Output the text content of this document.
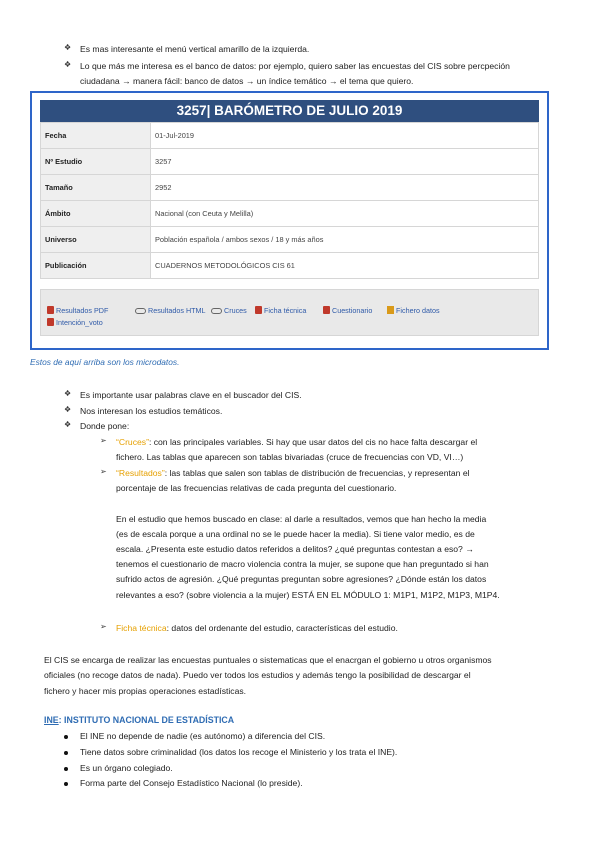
❖ Es mas interesante el menú vertical amarillo de la izquierda.
❖ Lo que más me interesa es el banco de datos: por ejemplo, quiero saber las encuestas del CIS sobre percpeción
ciudadana → manera fácil: banco de datos → un índice temático → el tema que quiero.
3257| BARÓMETRO DE JULIO 2019
Fecha	01-Jul-2019
Nº Estudio	3257
Tamaño	2952
Ámbito	Nacional (con Ceuta y Melilla)
Universo	Población española / ambos sexos / 18 y más años
Publicación	CUADERNOS METODOLÓGICOS CIS 61
Resultados PDF	Resultados HTML	Cruces	Ficha técnica	Cuestionario	Fichero datos
Intención_voto
Estos de aquí arriba son los microdatos.
❖ Es importante usar palabras clave en el buscador del CIS.
❖ Nos interesan los estudios temáticos.
❖ Donde pone:
➢ “Cruces”: con las principales variables. Si hay que usar datos del cis no hace falta descargar el
fichero. Las tablas que aparecen son tablas bivariadas (cruce de frecuencias con VD, VI…)
➢ “Resultados”: las tablas que salen son tablas de distribución de frecuencias, y representan el
porcentaje de las frecuencias relativas de cada pregunta del cuestionario.
En el estudio que hemos buscado en clase: al darle a resultados, vemos que han hecho la media
(es de escala porque a una ordinal no se le puede hacer la media). Si tiene valor medio, es de
escala. ¿Presenta este estudio datos referidos a delitos? ¿qué preguntas contestan a eso? →
tenemos el cuestionario de macro violencia contra la mujer, se supone que han preguntado si han
sufrido actos de agresión. ¿Qué preguntas preguntan sobre agresiones? ¿Dónde están los datos
relevantes a eso? (sobre violencia a la mujer) ESTÁ EN EL MÓDULO 1: M1P1, M1P2, M1P3, M1P4.
➢ Ficha técnica: datos del ordenante del estudio, características del estudio.
El CIS se encarga de realizar las encuestas puntuales o sistematicas que el enacrgan el gobierno u otros organismos
oficiales (no recoge datos de nada). Puedo ver todos los estudios y además tengo la posibilidad de descargar el
fichero y hacer mis propias operaciones estadísticas.
INE: INSTITUTO NACIONAL DE ESTADÍSTICA
El INE no depende de nadie (es autónomo) a diferencia del CIS.
Tiene datos sobre criminalidad (los datos los recoge el Ministerio y los trata el INE).
Es un órgano colegiado.
Forma parte del Consejo Estadístico Nacional (lo preside).
